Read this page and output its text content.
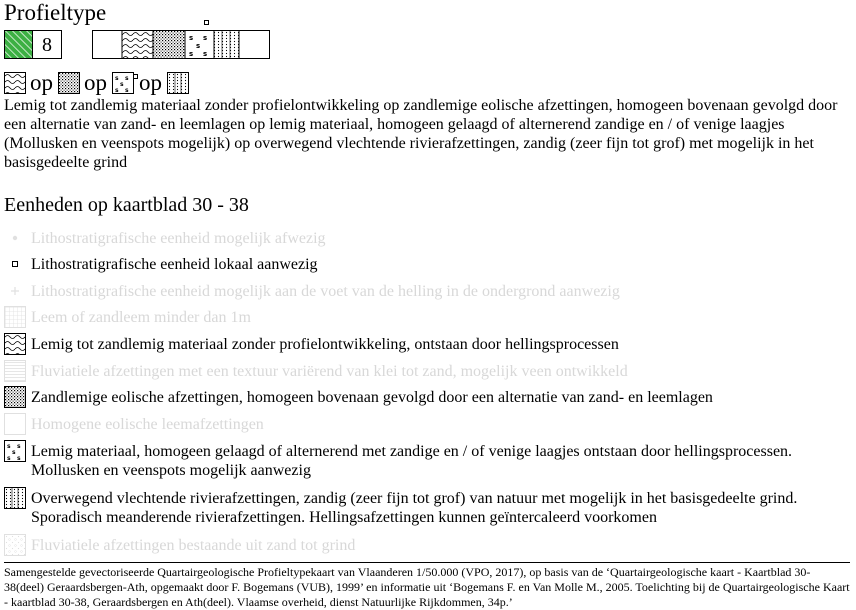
Profieltype
8	s s
s
s s
op op s s
s
s s op
Lemig tot zandlemig materiaal zonder profielontwikkeling op zandlemige eolische afzettingen, homogeen bovenaan gevolgd door een alternatie van zand- en leemlagen op lemig materiaal, homogeen gelaagd of alternerend zandige en / of venige laagjes (Mollusken en veenspots mogelijk) op overwegend vlechtende rivierafzettingen, zandig (zeer fijn tot grof) met mogelijk in het basisgedeelte grind
Eenheden op kaartblad 30 - 38
Lithostratigrafische eenheid mogelijk afwezig
Lithostratigrafische eenheid lokaal aanwezig
Lithostratigrafische eenheid mogelijk aan de voet van de helling in de ondergrond aanwezig
Leem of zandleem minder dan 1m
Lemig tot zandlemig materiaal zonder profielontwikkeling, ontstaan door hellingsprocessen
Fluviatiele afzettingen met een textuur variërend van klei tot zand, mogelijk veen ontwikkeld
Zandlemige eolische afzettingen, homogeen bovenaan gevolgd door een alternatie van zand- en leemlagen
Homogene eolische leemafzettingen
s s
s
s s Lemig materiaal, homogeen gelaagd of alternerend met zandige en / of venige laagjes ontstaan door hellingsprocessen. Mollusken en veenspots mogelijk aanwezig
Overwegend vlechtende rivierafzettingen, zandig (zeer fijn tot grof) van natuur met mogelijk in het basisgedeelte grind. Sporadisch meanderende rivierafzettingen. Hellingsafzettingen kunnen geïntercaleerd voorkomen
Fluviatiele afzettingen bestaande uit zand tot grind
Samengestelde gevectoriseerde Quartairgeologische Profieltypekaart van Vlaanderen 1/50.000 (VPO, 2017), op basis van de ‘Quartairgeologische kaart - Kaartblad 30-38(deel) Geraardsbergen-Ath, opgemaakt door F. Bogemans (VUB), 1999’ en informatie uit ‘Bogemans F. en Van Molle M., 2005. Toelichting bij de Quartairgeologische Kaart - kaartblad 30-38, Geraardsbergen en Ath(deel). Vlaamse overheid, dienst Natuurlijke Rijkdommen, 34p.’
